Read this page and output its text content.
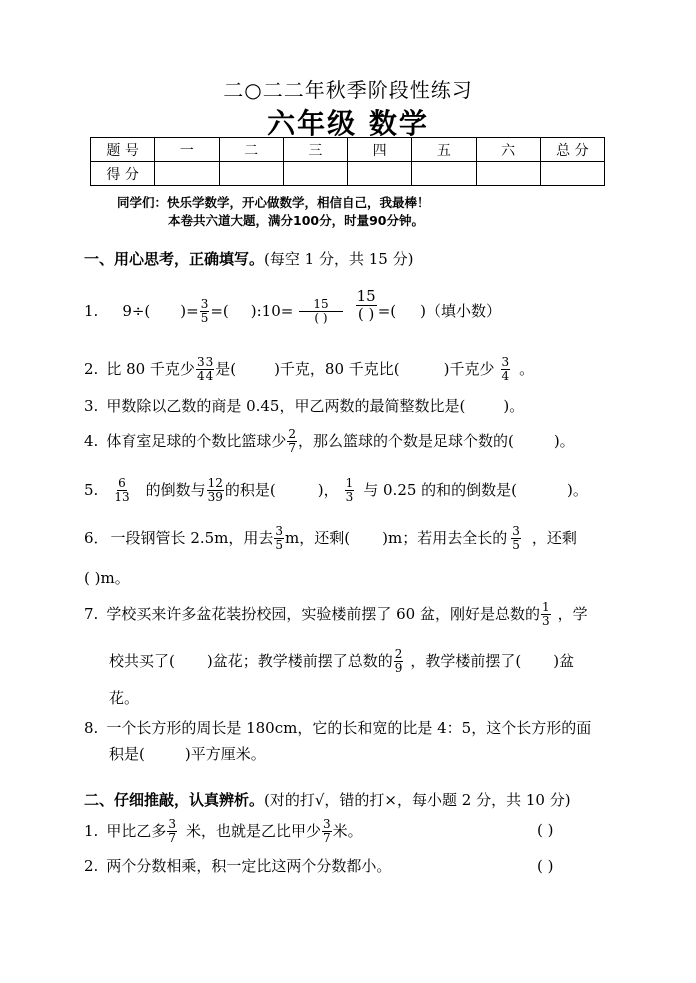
二○二二年秋季阶段性练习
六年级 数学
题 号	一	二	三	四	五	六	总 分
得 分							
同学们：快乐学数学，开心做数学，相信自己，我最棒！
本卷共六道大题，满分100分，时量90分钟。
一、用心思考，正确填写。(每空 1 分，共 15 分)
1. 9÷( )= $\frac{3}{5}$ =( ):10= $\frac{15}{( )} \frac{15}{( )}$ =( )（填小数）
2. 比 80 千克少 $\frac{3}{4} \frac{3}{4}$ 是(	)千克，80 千克比(	)千克少 $\frac{3}{4}$ 。
3. 甲数除以乙数的商是 0.45，甲乙两数的最简整数比是(	)。
4. 体育室足球的个数比篮球少 $\frac{2}{7}$ ，那么篮球的个数是足球个数的(	)。
5. $\frac{6}{13}$ 的倒数与 $\frac{12}{39}$ 的积是(	)， $\frac{1}{3}$ 与 0.25 的和的倒数是(	)。
6． 一段钢管长 2.5m，用去 $\frac{3}{5}$ m，还剩( )m；若用去全长的 $\frac{3}{5}$ ，还剩
( )m。
7. 学校买来许多盆花装扮校园，实验楼前摆了 60 盆，刚好是总数的 $\frac{1}{3}$ ，学
校共买了( )盆花；教学楼前摆了总数的 $\frac{2}{9}$ ，教学楼前摆了( )盆
花。
8. 一个长方形的周长是 180cm，它的长和宽的比是 4：5，这个长方形的面
积是(	)平方厘米。
二、仔细推敲，认真辨析。(对的打√，错的打×，每小题 2 分，共 10 分)
1. 甲比乙多 $\frac{3}{7}$ 米，也就是乙比甲少 $\frac{3}{7}$ 米。	( )
2. 两个分数相乘，积一定比这两个分数都小。	( )
